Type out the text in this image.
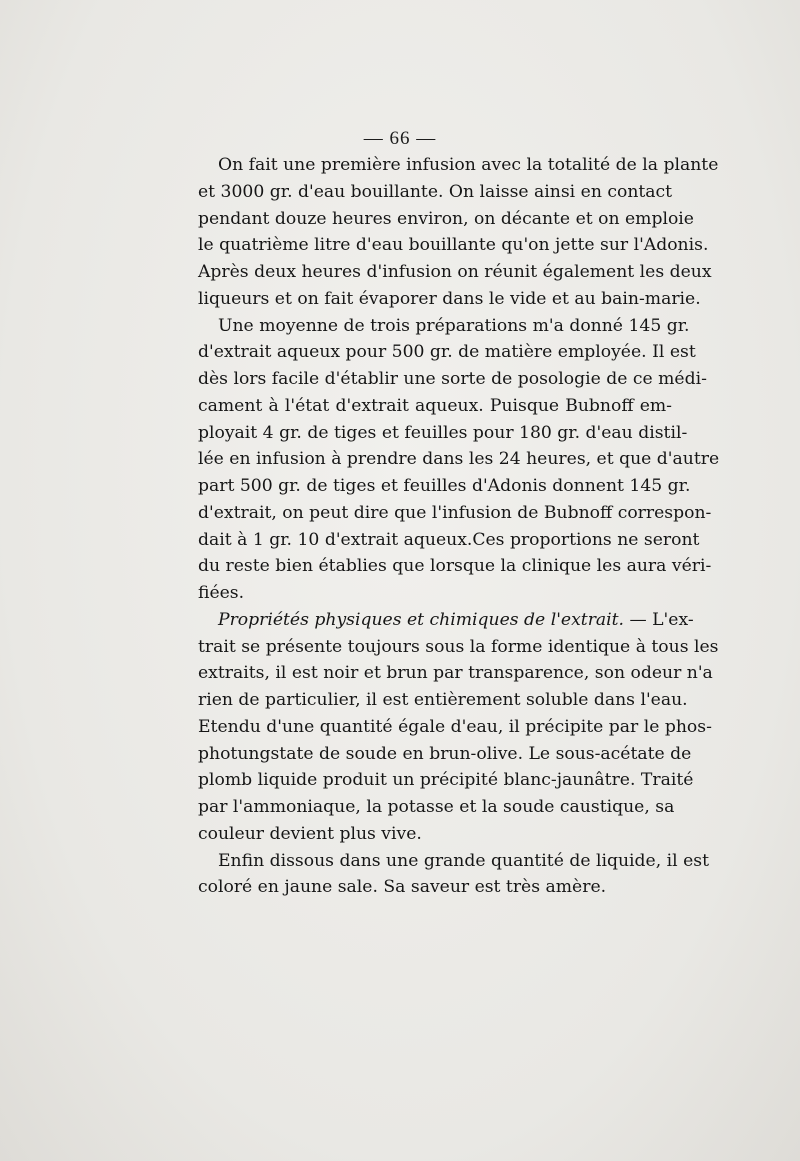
— 66 —
On fait une première infusion avec la totalité de la plante
et 3000 gr. d'eau bouillante. On laisse ainsi en contact
pendant douze heures environ, on décante et on emploie
le quatrième litre d'eau bouillante qu'on jette sur l'Adonis.
Après deux heures d'infusion on réunit également les deux
liqueurs et on fait évaporer dans le vide et au bain-marie.
Une moyenne de trois préparations m'a donné 145 gr.
d'extrait aqueux pour 500 gr. de matière employée. Il est
dès lors facile d'établir une sorte de posologie de ce médi-
cament à l'état d'extrait aqueux. Puisque Bubnoff em-
ployait 4 gr. de tiges et feuilles pour 180 gr. d'eau distil-
lée en infusion à prendre dans les 24 heures, et que d'autre
part 500 gr. de tiges et feuilles d'Adonis donnent 145 gr.
d'extrait, on peut dire que l'infusion de Bubnoff correspon-
dait à 1 gr. 10 d'extrait aqueux.Ces proportions ne seront
du reste bien établies que lorsque la clinique les aura véri-
fiées.
Propriétés physiques et chimiques de l'extrait. — L'ex-
trait se présente toujours sous la forme identique à tous les
extraits, il est noir et brun par transparence, son odeur n'a
rien de particulier, il est entièrement soluble dans l'eau.
Etendu d'une quantité égale d'eau, il précipite par le phos-
photungstate de soude en brun-olive. Le sous-acétate de
plomb liquide produit un précipité blanc-jaunâtre. Traité
par l'ammoniaque, la potasse et la soude caustique, sa
couleur devient plus vive.
Enfin dissous dans une grande quantité de liquide, il est
coloré en jaune sale. Sa saveur est très amère.
